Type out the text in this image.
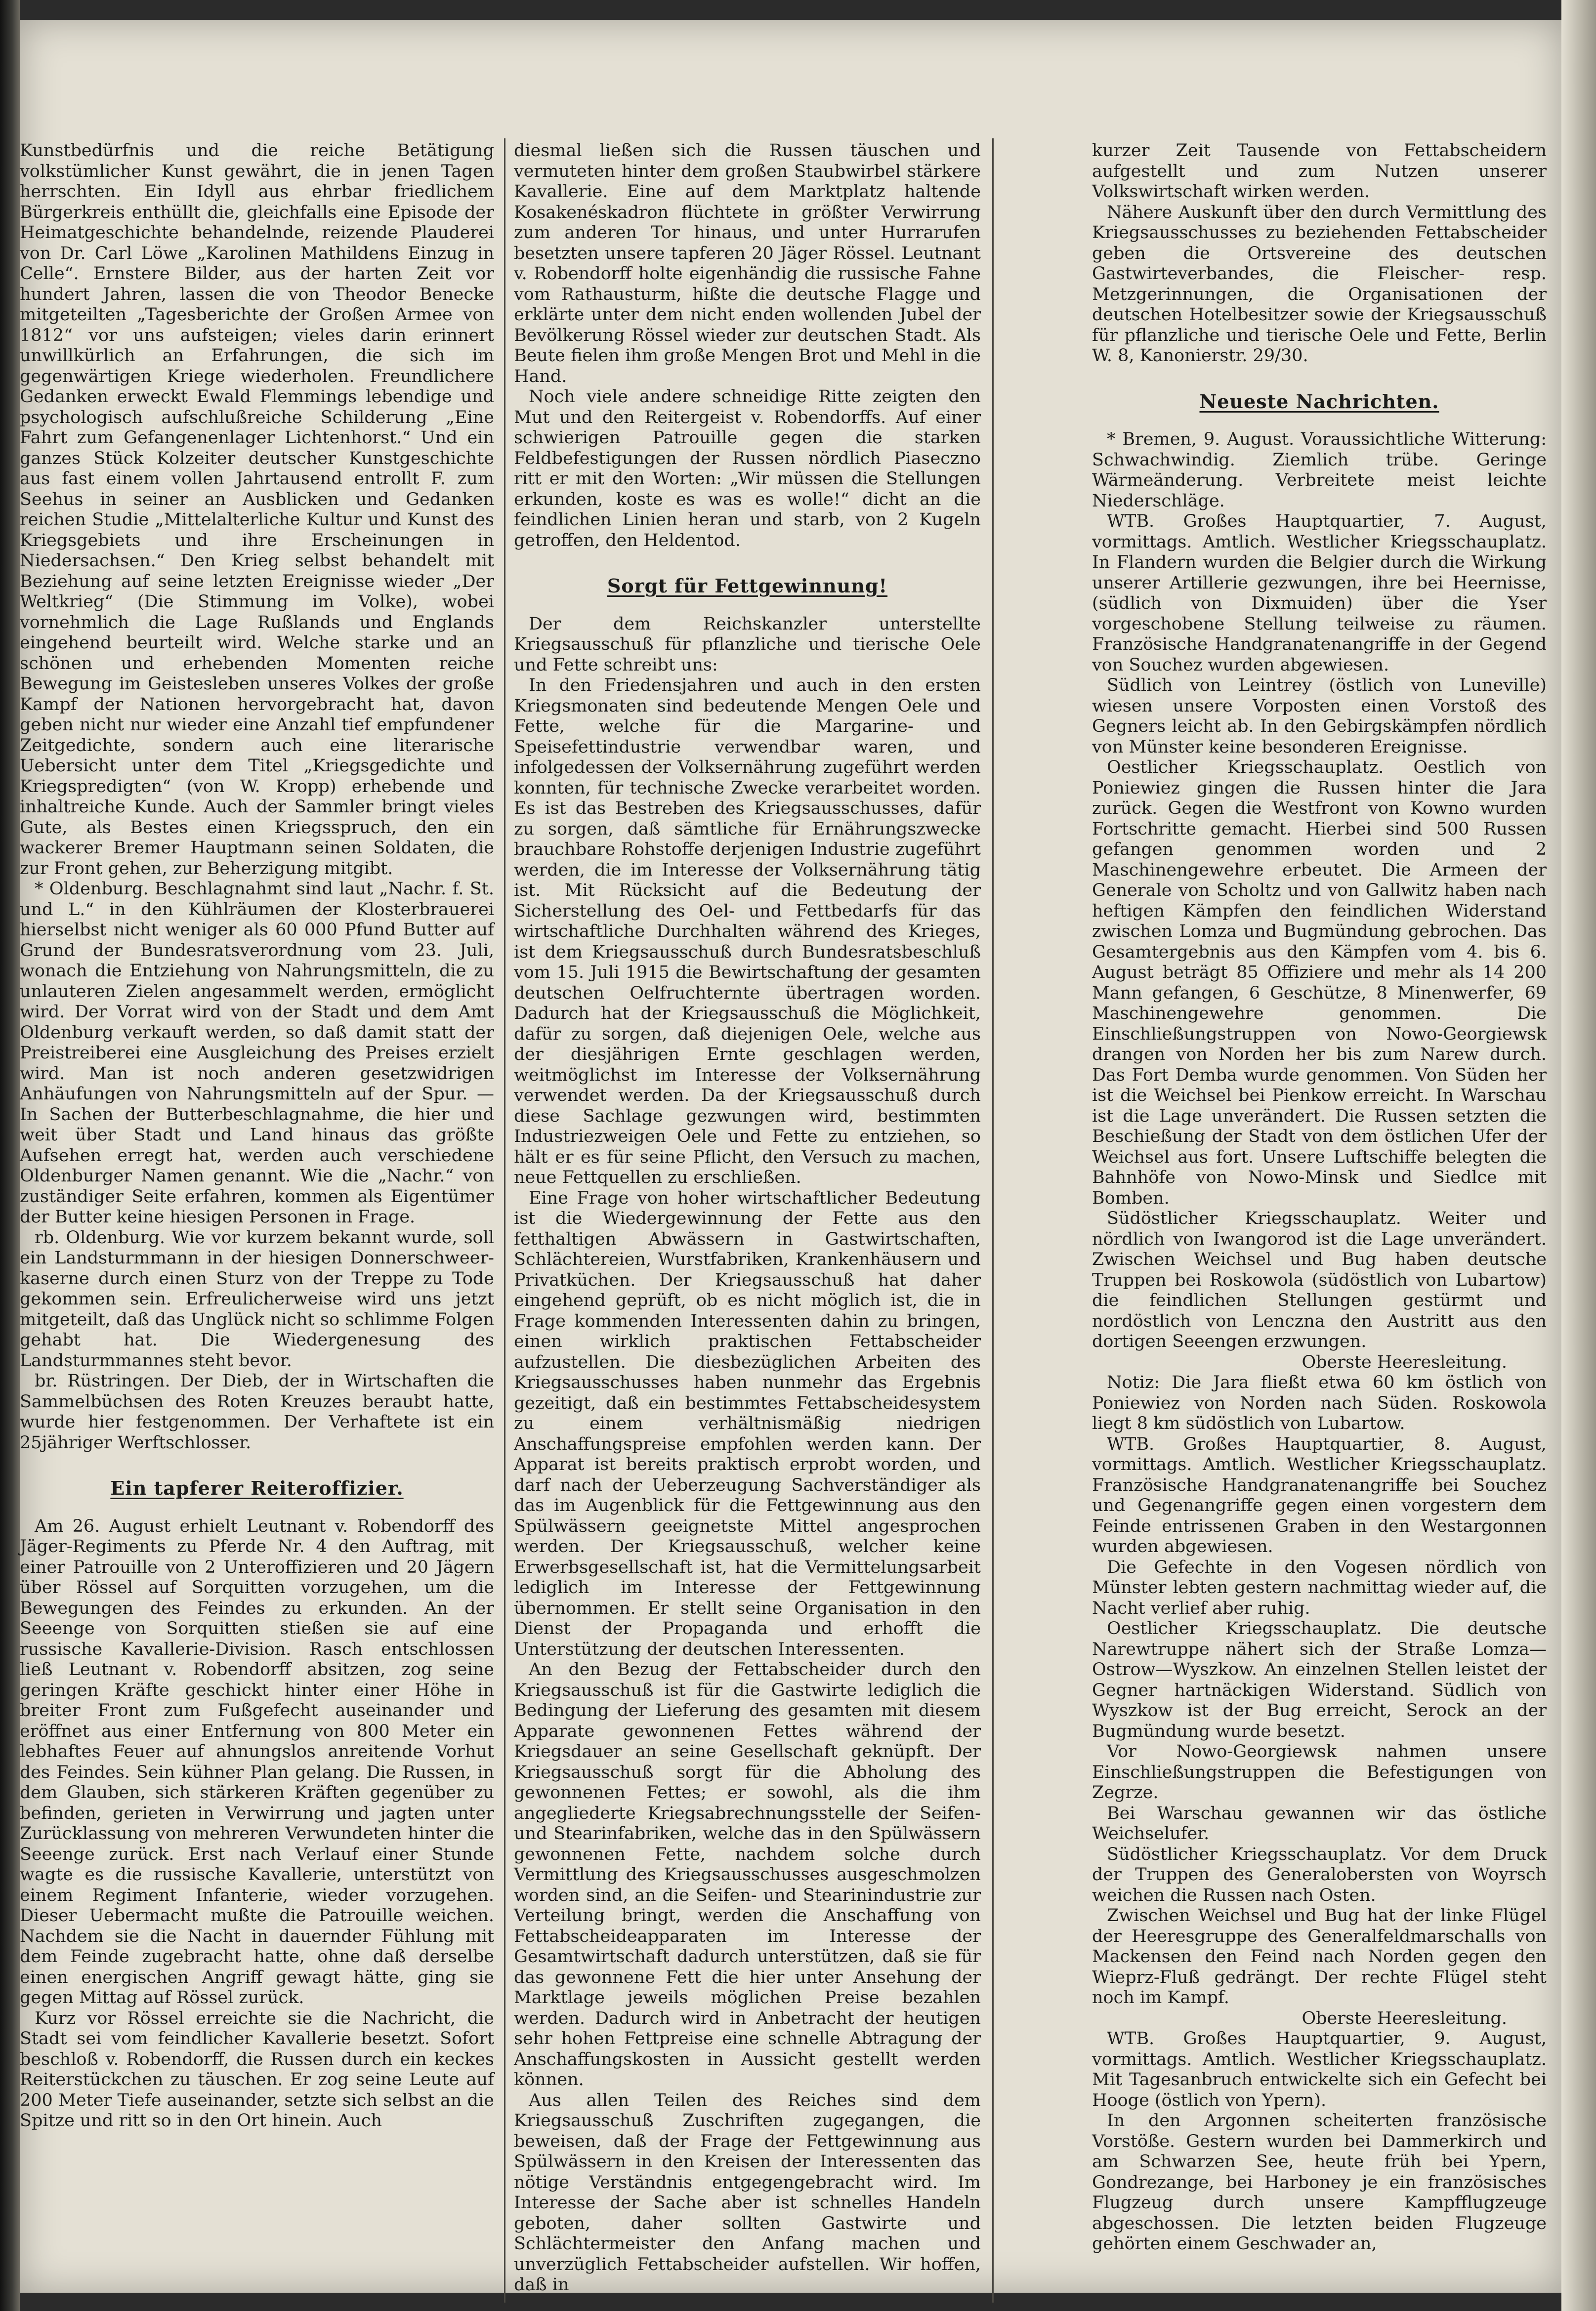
Kunstbedürfnis und die reiche Betätigung volkstümlicher Kunst gewährt, die in jenen Tagen herrschten. Ein Idyll aus ehrbar friedlichem Bürgerkreis enthüllt die, gleichfalls eine Episode der Heimatgeschichte behandelnde, reizende Plauderei von Dr. Carl Löwe „Karolinen Mathildens Einzug in Celle“. Ernstere Bilder, aus der harten Zeit vor hundert Jahren, lassen die von Theodor Benecke mitgeteilten „Tagesberichte der Großen Armee von 1812“ vor uns aufsteigen; vieles darin erinnert unwillkürlich an Erfahrungen, die sich im gegenwärtigen Kriege wiederholen. Freundlichere Gedanken erweckt Ewald Flemmings lebendige und psychologisch aufschlußreiche Schilderung „Eine Fahrt zum Gefangenenlager Lichtenhorst.“ Und ein ganzes Stück Kolzeiter deutscher Kunstgeschichte aus fast einem vollen Jahrtausend entrollt F. zum Seehus in seiner an Ausblicken und Gedanken reichen Studie „Mittelalterliche Kultur und Kunst des Kriegsgebiets und ihre Erscheinungen in Niedersachsen.“ Den Krieg selbst behandelt mit Beziehung auf seine letzten Ereignisse wieder „Der Weltkrieg“ (Die Stimmung im Volke), wobei vornehmlich die Lage Rußlands und Englands eingehend beurteilt wird. Welche starke und an schönen und erhebenden Momenten reiche Bewegung im Geistesleben unseres Volkes der große Kampf der Nationen hervorgebracht hat, davon geben nicht nur wieder eine Anzahl tief empfundener Zeitgedichte, sondern auch eine literarische Uebersicht unter dem Titel „Kriegsgedichte und Kriegspredigten“ (von W. Kropp) erhebende und inhaltreiche Kunde. Auch der Sammler bringt vieles Gute, als Bestes einen Kriegsspruch, den ein wackerer Bremer Hauptmann seinen Soldaten, die zur Front gehen, zur Beherzigung mitgibt.

* Oldenburg. Beschlagnahmt sind laut „Nachr. f. St. und L.“ in den Kühlräumen der Klosterbrauerei hierselbst nicht weniger als 60 000 Pfund Butter auf Grund der Bundesratsverordnung vom 23. Juli, wonach die Entziehung von Nahrungsmitteln, die zu unlauteren Zielen angesammelt werden, ermöglicht wird. Der Vorrat wird von der Stadt und dem Amt Oldenburg verkauft werden, so daß damit statt der Preistreiberei eine Ausgleichung des Preises erzielt wird. Man ist noch anderen gesetzwidrigen Anhäufungen von Nahrungsmitteln auf der Spur. — In Sachen der Butterbeschlagnahme, die hier und weit über Stadt und Land hinaus das größte Aufsehen erregt hat, werden auch verschiedene Oldenburger Namen genannt. Wie die „Nachr.“ von zuständiger Seite erfahren, kommen als Eigentümer der Butter keine hiesigen Personen in Frage.

rb. Oldenburg. Wie vor kurzem bekannt wurde, soll ein Landsturmmann in der hiesigen Donnerschweer-kaserne durch einen Sturz von der Treppe zu Tode gekommen sein. Erfreulicherweise wird uns jetzt mitgeteilt, daß das Unglück nicht so schlimme Folgen gehabt hat. Die Wiedergenesung des Landsturmmannes steht bevor.

br. Rüstringen. Der Dieb, der in Wirtschaften die Sammelbüchsen des Roten Kreuzes beraubt hatte, wurde hier festgenommen. Der Verhaftete ist ein 25jähriger Werftschlosser.

Ein tapferer Reiteroffizier.

Am 26. August erhielt Leutnant v. Robendorff des Jäger-Regiments zu Pferde Nr. 4 den Auftrag, mit einer Patrouille von 2 Unteroffizieren und 20 Jägern über Rössel auf Sorquitten vorzugehen, um die Bewegungen des Feindes zu erkunden. An der Seeenge von Sorquitten stießen sie auf eine russische Kavallerie-Division. Rasch entschlossen ließ Leutnant v. Robendorff absitzen, zog seine geringen Kräfte geschickt hinter einer Höhe in breiter Front zum Fußgefecht auseinander und eröffnet aus einer Entfernung von 800 Meter ein lebhaftes Feuer auf ahnungslos anreitende Vorhut des Feindes. Sein kühner Plan gelang. Die Russen, in dem Glauben, sich stärkeren Kräften gegenüber zu befinden, gerieten in Verwirrung und jagten unter Zurücklassung von mehreren Verwundeten hinter die Seeenge zurück. Erst nach Verlauf einer Stunde wagte es die russische Kavallerie, unterstützt von einem Regiment Infanterie, wieder vorzugehen. Dieser Uebermacht mußte die Patrouille weichen. Nachdem sie die Nacht in dauernder Fühlung mit dem Feinde zugebracht hatte, ohne daß derselbe einen energischen Angriff gewagt hätte, ging sie gegen Mittag auf Rössel zurück.

Kurz vor Rössel erreichte sie die Nachricht, die Stadt sei vom feindlicher Kavallerie besetzt. Sofort beschloß v. Robendorff, die Russen durch ein keckes Reiterstückchen zu täuschen. Er zog seine Leute auf 200 Meter Tiefe auseinander, setzte sich selbst an die Spitze und ritt so in den Ort hinein. Auch

diesmal ließen sich die Russen täuschen und vermuteten hinter dem großen Staubwirbel stärkere Kavallerie. Eine auf dem Marktplatz haltende Kosakenéskadron flüchtete in größter Verwirrung zum anderen Tor hinaus, und unter Hurrarufen besetzten unsere tapferen 20 Jäger Rössel. Leutnant v. Robendorff holte eigenhändig die russische Fahne vom Rathausturm, hißte die deutsche Flagge und erklärte unter dem nicht enden wollenden Jubel der Bevölkerung Rössel wieder zur deutschen Stadt. Als Beute fielen ihm große Mengen Brot und Mehl in die Hand.

Noch viele andere schneidige Ritte zeigten den Mut und den Reitergeist v. Robendorffs. Auf einer schwierigen Patrouille gegen die starken Feldbefestigungen der Russen nördlich Piaseczno ritt er mit den Worten: „Wir müssen die Stellungen erkunden, koste es was es wolle!“ dicht an die feindlichen Linien heran und starb, von 2 Kugeln getroffen, den Heldentod.

Sorgt für Fettgewinnung!

Der dem Reichskanzler unterstellte Kriegsausschuß für pflanzliche und tierische Oele und Fette schreibt uns:

In den Friedensjahren und auch in den ersten Kriegsmonaten sind bedeutende Mengen Oele und Fette, welche für die Margarine- und Speisefettindustrie verwendbar waren, und infolgedessen der Volksernährung zugeführt werden konnten, für technische Zwecke verarbeitet worden. Es ist das Bestreben des Kriegsausschusses, dafür zu sorgen, daß sämtliche für Ernährungszwecke brauchbare Rohstoffe derjenigen Industrie zugeführt werden, die im Interesse der Volksernährung tätig ist. Mit Rücksicht auf die Bedeutung der Sicherstellung des Oel- und Fettbedarfs für das wirtschaftliche Durchhalten während des Krieges, ist dem Kriegsausschuß durch Bundesratsbeschluß vom 15. Juli 1915 die Bewirtschaftung der gesamten deutschen Oelfruchternte übertragen worden. Dadurch hat der Kriegsausschuß die Möglichkeit, dafür zu sorgen, daß diejenigen Oele, welche aus der diesjährigen Ernte geschlagen werden, weitmöglichst im Interesse der Volksernährung verwendet werden. Da der Kriegsausschuß durch diese Sachlage gezwungen wird, bestimmten Industriezweigen Oele und Fette zu entziehen, so hält er es für seine Pflicht, den Versuch zu machen, neue Fettquellen zu erschließen.

Eine Frage von hoher wirtschaftlicher Bedeutung ist die Wiedergewinnung der Fette aus den fetthaltigen Abwässern in Gastwirtschaften, Schlächtereien, Wurstfabriken, Krankenhäusern und Privatküchen. Der Kriegsausschuß hat daher eingehend geprüft, ob es nicht möglich ist, die in Frage kommenden Interessenten dahin zu bringen, einen wirklich praktischen Fettabscheider aufzustellen. Die diesbezüglichen Arbeiten des Kriegsausschusses haben nunmehr das Ergebnis gezeitigt, daß ein bestimmtes Fettabscheidesystem zu einem verhältnismäßig niedrigen Anschaffungspreise empfohlen werden kann. Der Apparat ist bereits praktisch erprobt worden, und darf nach der Ueberzeugung Sachverständiger als das im Augenblick für die Fettgewinnung aus den Spülwässern geeignetste Mittel angesprochen werden. Der Kriegsausschuß, welcher keine Erwerbsgesellschaft ist, hat die Vermittelungsarbeit lediglich im Interesse der Fettgewinnung übernommen. Er stellt seine Organisation in den Dienst der Propaganda und erhofft die Unterstützung der deutschen Interessenten.

An den Bezug der Fettabscheider durch den Kriegsausschuß ist für die Gastwirte lediglich die Bedingung der Lieferung des gesamten mit diesem Apparate gewonnenen Fettes während der Kriegsdauer an seine Gesellschaft geknüpft. Der Kriegsausschuß sorgt für die Abholung des gewonnenen Fettes; er sowohl, als die ihm angegliederte Kriegsabrechnungsstelle der Seifen- und Stearinfabriken, welche das in den Spülwässern gewonnenen Fette, nachdem solche durch Vermittlung des Kriegsausschusses ausgeschmolzen worden sind, an die Seifen- und Stearinindustrie zur Verteilung bringt, werden die Anschaffung von Fettabscheideapparaten im Interesse der Gesamtwirtschaft dadurch unterstützen, daß sie für das gewonnene Fett die hier unter Ansehung der Marktlage jeweils möglichen Preise bezahlen werden. Dadurch wird in Anbetracht der heutigen sehr hohen Fettpreise eine schnelle Abtragung der Anschaffungskosten in Aussicht gestellt werden können.

Aus allen Teilen des Reiches sind dem Kriegsausschuß Zuschriften zugegangen, die beweisen, daß der Frage der Fettgewinnung aus Spülwässern in den Kreisen der Interessenten das nötige Verständnis entgegengebracht wird. Im Interesse der Sache aber ist schnelles Handeln geboten, daher sollten Gastwirte und Schlächtermeister den Anfang machen und unverzüglich Fettabscheider aufstellen. Wir hoffen, daß in

kurzer Zeit Tausende von Fettabscheidern aufgestellt und zum Nutzen unserer Volkswirtschaft wirken werden.

Nähere Auskunft über den durch Vermittlung des Kriegsausschusses zu beziehenden Fettabscheider geben die Ortsvereine des deutschen Gastwirteverbandes, die Fleischer- resp. Metzgerinnungen, die Organisationen der deutschen Hotelbesitzer sowie der Kriegsausschuß für pflanzliche und tierische Oele und Fette, Berlin W. 8, Kanonierstr. 29/30.

Neueste Nachrichten.

* Bremen, 9. August. Voraussichtliche Witterung: Schwachwindig. Ziemlich trübe. Geringe Wärmeänderung. Verbreitete meist leichte Niederschläge.

WTB. Großes Hauptquartier, 7. August, vormittags. Amtlich. Westlicher Kriegsschauplatz. In Flandern wurden die Belgier durch die Wirkung unserer Artillerie gezwungen, ihre bei Heernisse, (südlich von Dixmuiden) über die Yser vorgeschobene Stellung teilweise zu räumen. Französische Handgranatenangriffe in der Gegend von Souchez wurden abgewiesen.

Südlich von Leintrey (östlich von Luneville) wiesen unsere Vorposten einen Vorstoß des Gegners leicht ab. In den Gebirgskämpfen nördlich von Münster keine besonderen Ereignisse.

Oestlicher Kriegsschauplatz. Oestlich von Poniewiez gingen die Russen hinter die Jara zurück. Gegen die Westfront von Kowno wurden Fortschritte gemacht. Hierbei sind 500 Russen gefangen genommen worden und 2 Maschinengewehre erbeutet. Die Armeen der Generale von Scholtz und von Gallwitz haben nach heftigen Kämpfen den feindlichen Widerstand zwischen Lomza und Bugmündung gebrochen. Das Gesamtergebnis aus den Kämpfen vom 4. bis 6. August beträgt 85 Offiziere und mehr als 14 200 Mann gefangen, 6 Geschütze, 8 Minenwerfer, 69 Maschinengewehre genommen. Die Einschließungstruppen von Nowo-Georgiewsk drangen von Norden her bis zum Narew durch. Das Fort Demba wurde genommen. Von Süden her ist die Weichsel bei Pienkow erreicht. In Warschau ist die Lage unverändert. Die Russen setzten die Beschießung der Stadt von dem östlichen Ufer der Weichsel aus fort. Unsere Luftschiffe belegten die Bahnhöfe von Nowo-Minsk und Siedlce mit Bomben.

Südöstlicher Kriegsschauplatz. Weiter und nördlich von Iwangorod ist die Lage unverändert. Zwischen Weichsel und Bug haben deutsche Truppen bei Roskowola (südöstlich von Lubartow) die feindlichen Stellungen gestürmt und nordöstlich von Lenczna den Austritt aus den dortigen Seeengen erzwungen.

Oberste Heeresleitung.

Notiz: Die Jara fließt etwa 60 km östlich von Poniewiez von Norden nach Süden. Roskowola liegt 8 km südöstlich von Lubartow.

WTB. Großes Hauptquartier, 8. August, vormittags. Amtlich. Westlicher Kriegsschauplatz. Französische Handgranatenangriffe bei Souchez und Gegenangriffe gegen einen vorgestern dem Feinde entrissenen Graben in den Westargonnen wurden abgewiesen.

Die Gefechte in den Vogesen nördlich von Münster lebten gestern nachmittag wieder auf, die Nacht verlief aber ruhig.

Oestlicher Kriegsschauplatz. Die deutsche Narewtruppe nähert sich der Straße Lomza—Ostrow—Wyszkow. An einzelnen Stellen leistet der Gegner hartnäckigen Widerstand. Südlich von Wyszkow ist der Bug erreicht, Serock an der Bugmündung wurde besetzt.

Vor Nowo-Georgiewsk nahmen unsere Einschließungstruppen die Befestigungen von Zegrze.

Bei Warschau gewannen wir das östliche Weichselufer.

Südöstlicher Kriegsschauplatz. Vor dem Druck der Truppen des Generalobersten von Woyrsch weichen die Russen nach Osten.

Zwischen Weichsel und Bug hat der linke Flügel der Heeresgruppe des Generalfeldmarschalls von Mackensen den Feind nach Norden gegen den Wieprz-Fluß gedrängt. Der rechte Flügel steht noch im Kampf.

Oberste Heeresleitung.

WTB. Großes Hauptquartier, 9. August, vormittags. Amtlich. Westlicher Kriegsschauplatz. Mit Tagesanbruch entwickelte sich ein Gefecht bei Hooge (östlich von Ypern).

In den Argonnen scheiterten französische Vorstöße. Gestern wurden bei Dammerkirch und am Schwarzen See, heute früh bei Ypern, Gondrezange, bei Harboney je ein französisches Flugzeug durch unsere Kampfflugzeuge abgeschossen. Die letzten beiden Flugzeuge gehörten einem Geschwader an,
